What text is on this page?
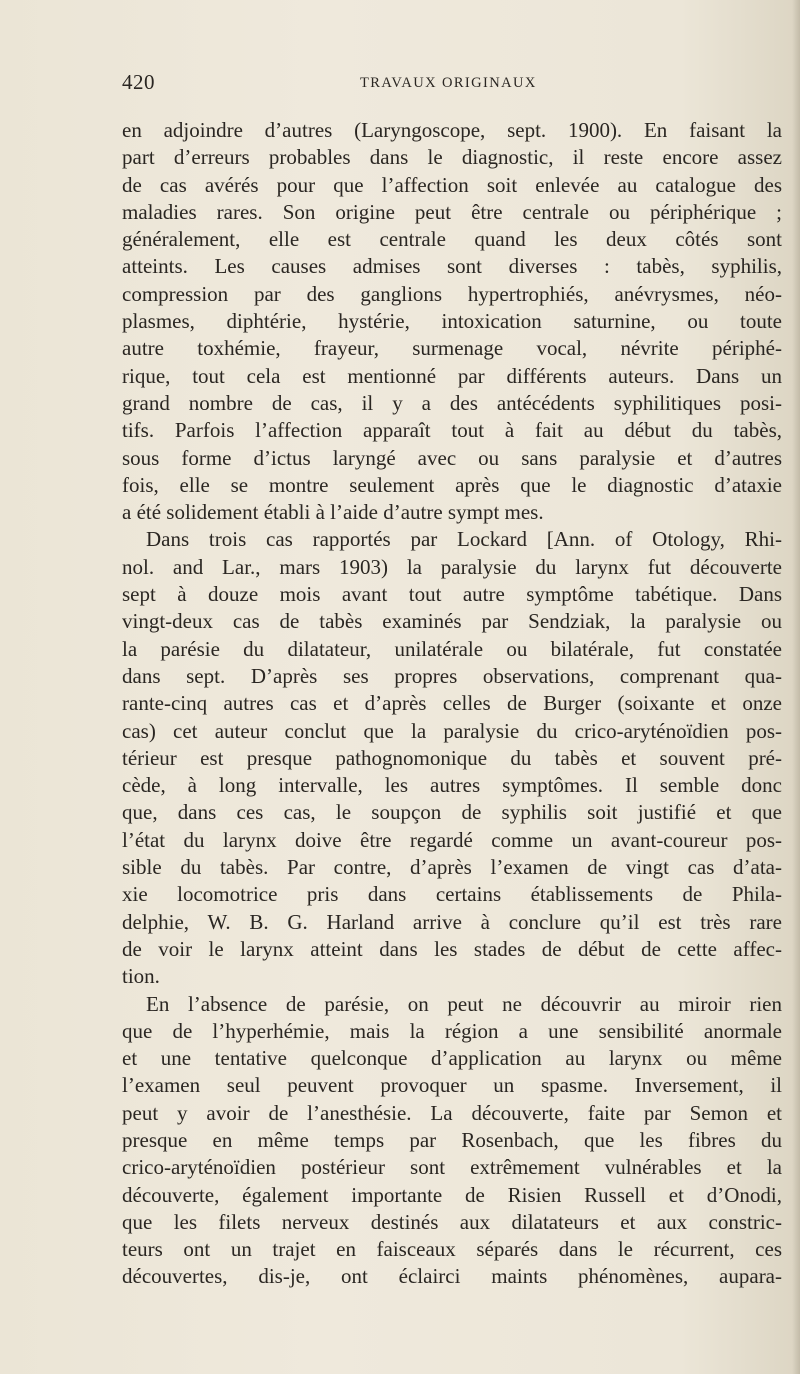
420	TRAVAUX ORIGINAUX
en adjoindre d’autres (Laryngoscope, sept. 1900). En faisant la
part d’erreurs probables dans le diagnostic, il reste encore assez
de cas avérés pour que l’affection soit enlevée au catalogue des
maladies rares. Son origine peut être centrale ou périphérique ;
généralement, elle est centrale quand les deux côtés sont
atteints. Les causes admises sont diverses : tabès, syphilis,
compression par des ganglions hypertrophiés, anévrysmes, néo-
plasmes, diphtérie, hystérie, intoxication saturnine, ou toute
autre toxhémie, frayeur, surmenage vocal, névrite périphé-
rique, tout cela est mentionné par différents auteurs. Dans un
grand nombre de cas, il y a des antécédents syphilitiques posi-
tifs. Parfois l’affection apparaît tout à fait au début du tabès,
sous forme d’ictus laryngé avec ou sans paralysie et d’autres
fois, elle se montre seulement après que le diagnostic d’ataxie
a été solidement établi à l’aide d’autre sympt mes.
Dans trois cas rapportés par Lockard [Ann. of Otology, Rhi-
nol. and Lar., mars 1903) la paralysie du larynx fut découverte
sept à douze mois avant tout autre symptôme tabétique. Dans
vingt-deux cas de tabès examinés par Sendziak, la paralysie ou
la parésie du dilatateur, unilatérale ou bilatérale, fut constatée
dans sept. D’après ses propres observations, comprenant qua-
rante-cinq autres cas et d’après celles de Burger (soixante et onze
cas) cet auteur conclut que la paralysie du crico-aryténoïdien pos-
térieur est presque pathognomonique du tabès et souvent pré-
cède, à long intervalle, les autres symptômes. Il semble donc
que, dans ces cas, le soupçon de syphilis soit justifié et que
l’état du larynx doive être regardé comme un avant-coureur pos-
sible du tabès. Par contre, d’après l’examen de vingt cas d’ata-
xie locomotrice pris dans certains établissements de Phila-
delphie, W. B. G. Harland arrive à conclure qu’il est très rare
de voir le larynx atteint dans les stades de début de cette affec-
tion.
En l’absence de parésie, on peut ne découvrir au miroir rien
que de l’hyperhémie, mais la région a une sensibilité anormale
et une tentative quelconque d’application au larynx ou même
l’examen seul peuvent provoquer un spasme. Inversement, il
peut y avoir de l’anesthésie. La découverte, faite par Semon et
presque en même temps par Rosenbach, que les fibres du
crico-aryténoïdien postérieur sont extrêmement vulnérables et la
découverte, également importante de Risien Russell et d’Onodi,
que les filets nerveux destinés aux dilatateurs et aux constric-
teurs ont un trajet en faisceaux séparés dans le récurrent, ces
découvertes, dis-je, ont éclairci maints phénomènes, aupara-
